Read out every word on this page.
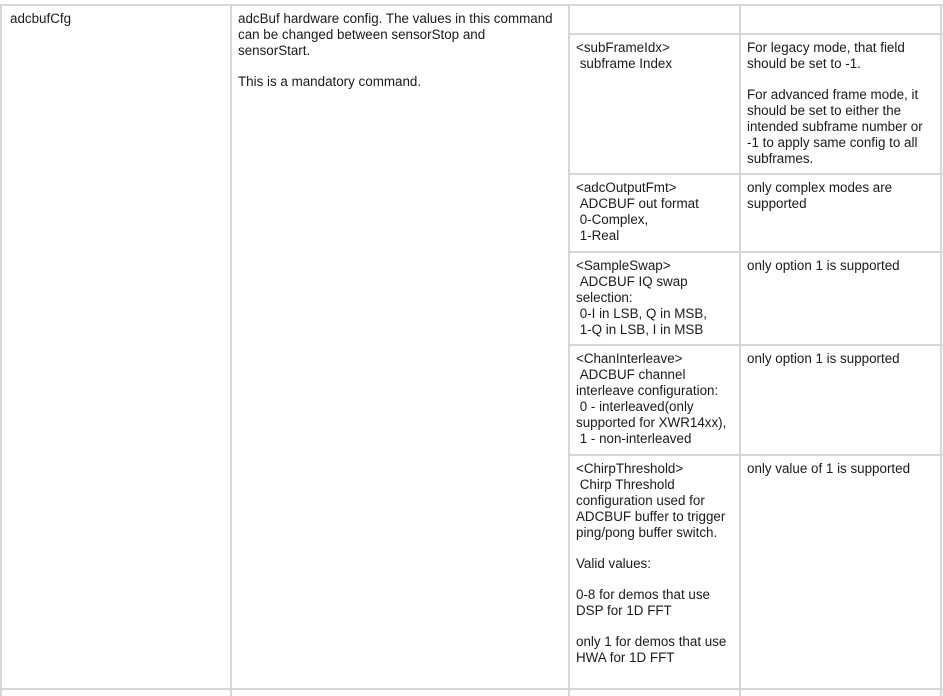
adcbufCfg	adcBuf hardware config. The values in this command can be changed between sensorStop and sensorStart.

This is a mandatory command.

<subFrameIdx>
subframe Index

For legacy mode, that field should be set to -1.

For advanced frame mode, it should be set to either the intended subframe number or -1 to apply same config to all subframes.

<adcOutputFmt>
ADCBUF out format
0-Complex,
1-Real

only complex modes are supported

<SampleSwap>
ADCBUF IQ swap selection:
0-I in LSB, Q in MSB,
1-Q in LSB, I in MSB

only option 1 is supported

<ChanInterleave>
ADCBUF channel interleave configuration:
0 - interleaved(only supported for XWR14xx),
1 - non-interleaved

only option 1 is supported

<ChirpThreshold>
Chirp Threshold configuration used for ADCBUF buffer to trigger ping/pong buffer switch.

Valid values:

0-8 for demos that use DSP for 1D FFT

only 1 for demos that use HWA for 1D FFT

only value of 1 is supported
